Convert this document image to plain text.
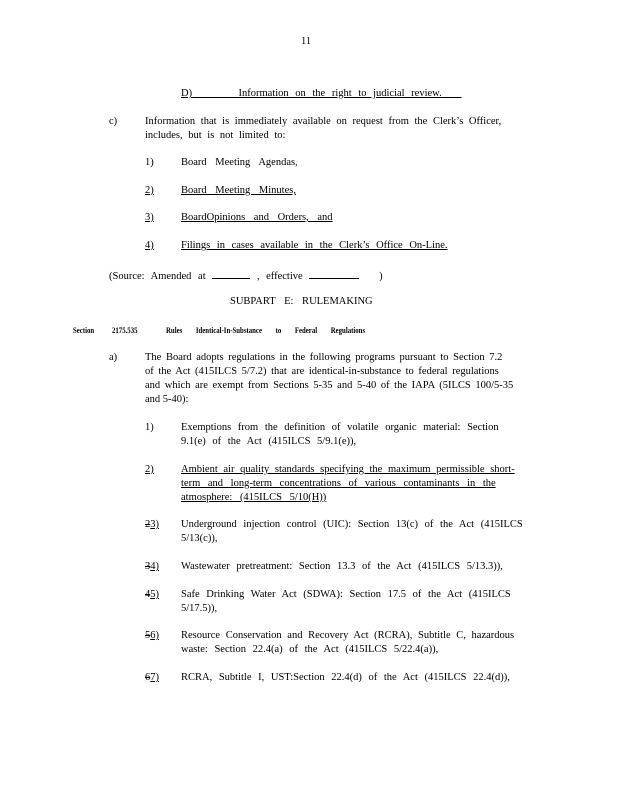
11
D)	Information on the right to judicial review.
c)	Information that is immediately available on request from the Clerk’s Officer,
includes, but is not limited to:
1)	Board Meeting Agendas,
2)	Board Meeting Minutes,
3)	BoardOpinions and Orders, and
4)	Filings in cases available in the Clerk’s Office On-Line.
(Source: Amended at	, effective	)
SUBPART E: RULEMAKING
Section 2175.535	Rules Identical-In-Substance to Federal Regulations
a)	The Board adopts regulations in the following programs pursuant to Section 7.2
of the Act (415ILCS 5/7.2) that are identical-in-substance to federal regulations
and which are exempt from Sections 5-35 and 5-40 of the IAPA (5ILCS 100/5-35
and 5-40):
1)	Exemptions from the definition of volatile organic material: Section
9.1(e) of the Act (415ILCS 5/9.1(e)),
2)	Ambient air quality standards specifying the maximum permissible short-
term and long-term concentrations of various contaminants in the
atmosphere: (415ILCS 5/10(H))
23) Underground injection control (UIC): Section 13(c) of the Act (415ILCS
5/13(c)),
34) Wastewater pretreatment: Section 13.3 of the Act (415ILCS 5/13.3)),
45) Safe Drinking Water Act (SDWA): Section 17.5 of the Act (415ILCS
5/17.5)),
56) Resource Conservation and Recovery Act (RCRA), Subtitle C, hazardous
waste: Section 22.4(a) of the Act (415ILCS 5/22.4(a)),
67) RCRA, Subtitle I, UST:Section 22.4(d) of the Act (415ILCS 22.4(d)),
